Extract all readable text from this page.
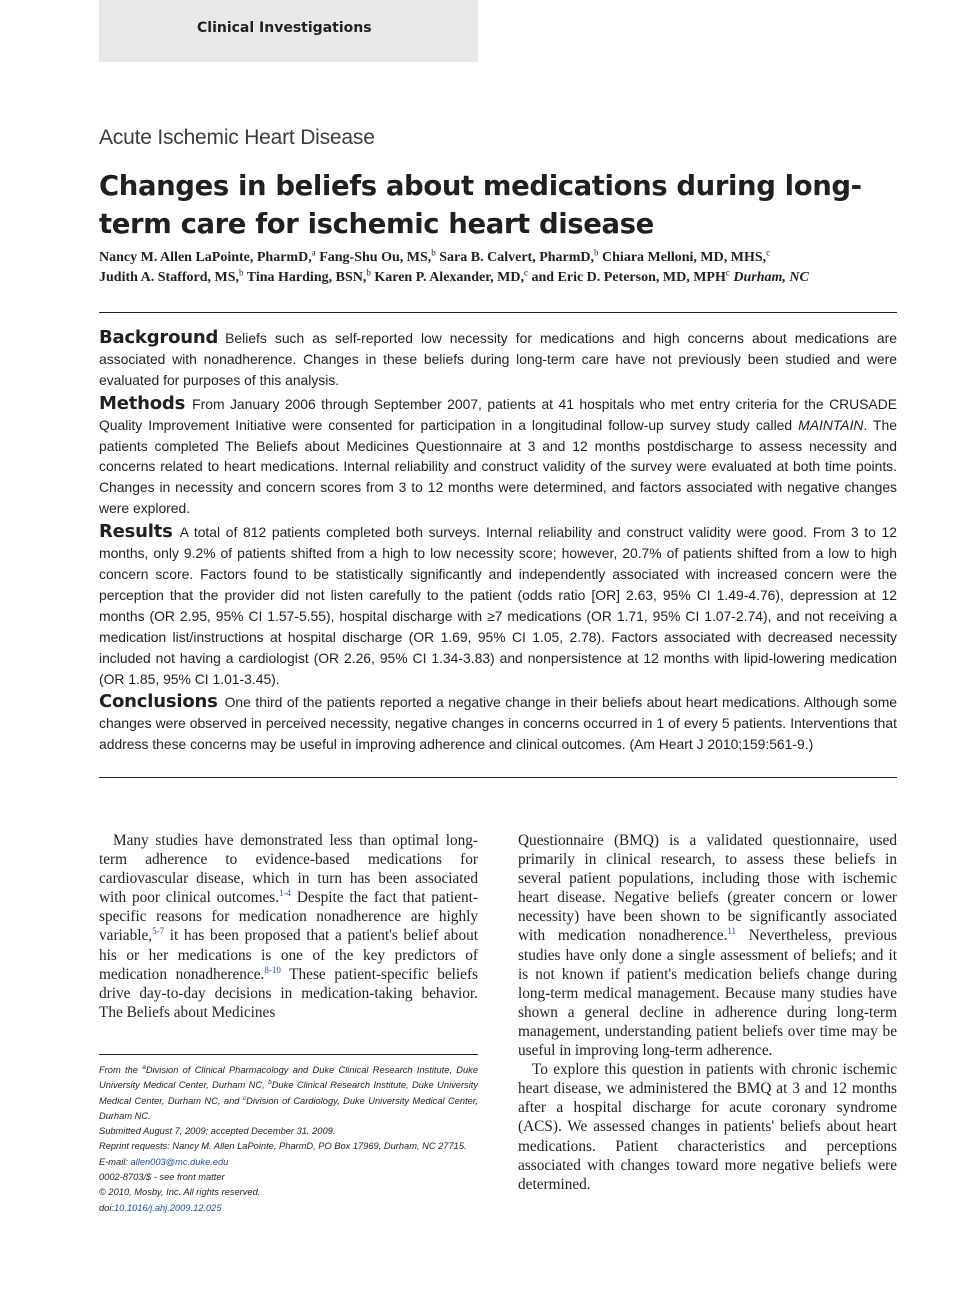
Clinical Investigations
Acute Ischemic Heart Disease
Changes in beliefs about medications during long-term care for ischemic heart disease
Nancy M. Allen LaPointe, PharmD,$^a$ Fang-Shu Ou, MS,$^b$ Sara B. Calvert, PharmD,$^b$ Chiara Melloni, MD, MHS,$^c$
Judith A. Stafford, MS,$^b$ Tina Harding, BSN,$^b$ Karen P. Alexander, MD,$^c$ and Eric D. Peterson, MD, MPH$^c$ Durham, NC

Background Beliefs such as self-reported low necessity for medications and high concerns about medications are associated with nonadherence. Changes in these beliefs during long-term care have not previously been studied and were evaluated for purposes of this analysis.

Methods From January 2006 through September 2007, patients at 41 hospitals who met entry criteria for the CRUSADE Quality Improvement Initiative were consented for participation in a longitudinal follow-up survey study called MAINTAIN. The patients completed The Beliefs about Medicines Questionnaire at 3 and 12 months postdischarge to assess necessity and concerns related to heart medications. Internal reliability and construct validity of the survey were evaluated at both time points. Changes in necessity and concern scores from 3 to 12 months were determined, and factors associated with negative changes were explored.

Results A total of 812 patients completed both surveys. Internal reliability and construct validity were good. From 3 to 12 months, only 9.2% of patients shifted from a high to low necessity score; however, 20.7% of patients shifted from a low to high concern score. Factors found to be statistically significantly and independently associated with increased concern were the perception that the provider did not listen carefully to the patient (odds ratio [OR] 2.63, 95% CI 1.49-4.76), depression at 12 months (OR 2.95, 95% CI 1.57-5.55), hospital discharge with ≥7 medications (OR 1.71, 95% CI 1.07-2.74), and not receiving a medication list/instructions at hospital discharge (OR 1.69, 95% CI 1.05, 2.78). Factors associated with decreased necessity included not having a cardiologist (OR 2.26, 95% CI 1.34-3.83) and nonpersistence at 12 months with lipid-lowering medication (OR 1.85, 95% CI 1.01-3.45).

Conclusions One third of the patients reported a negative change in their beliefs about heart medications. Although some changes were observed in perceived necessity, negative changes in concerns occurred in 1 of every 5 patients. Interventions that address these concerns may be useful in improving adherence and clinical outcomes. (Am Heart J 2010;159:561-9.)

Many studies have demonstrated less than optimal long-term adherence to evidence-based medications for cardiovascular disease, which in turn has been associated with poor clinical outcomes.$^{1-4}$ Despite the fact that patient-specific reasons for medication nonadherence are highly variable,$^{5-7}$ it has been proposed that a patient's belief about his or her medications is one of the key predictors of medication nonadherence.$^{8-10}$ These patient-specific beliefs drive day-to-day decisions in medication-taking behavior. The Beliefs about Medicines

Questionnaire (BMQ) is a validated questionnaire, used primarily in clinical research, to assess these beliefs in several patient populations, including those with ischemic heart disease. Negative beliefs (greater concern or lower necessity) have been shown to be significantly associated with medication nonadherence.$^{11}$ Nevertheless, previous studies have only done a single assessment of beliefs; and it is not known if patient's medication beliefs change during long-term medical management. Because many studies have shown a general decline in adherence during long-term management, understanding patient beliefs over time may be useful in improving long-term adherence.

To explore this question in patients with chronic ischemic heart disease, we administered the BMQ at 3 and 12 months after a hospital discharge for acute coronary syndrome (ACS). We assessed changes in patients' beliefs about heart medications. Patient characteristics and perceptions associated with changes toward more negative beliefs were determined.

From the $^a$Division of Clinical Pharmacology and Duke Clinical Research Institute, Duke University Medical Center, Durham NC, $^b$Duke Clinical Research Institute, Duke University Medical Center, Durham NC, and $^c$Division of Cardiology, Duke University Medical Center, Durham NC.

Submitted August 7, 2009; accepted December 31, 2009.

Reprint requests: Nancy M. Allen LaPointe, PharmD, PO Box 17969, Durham, NC 27715.

E-mail: allen003@mc.duke.edu

0002-8703/$ - see front matter

© 2010, Mosby, Inc. All rights reserved.

doi:10.1016/j.ahj.2009.12.025
